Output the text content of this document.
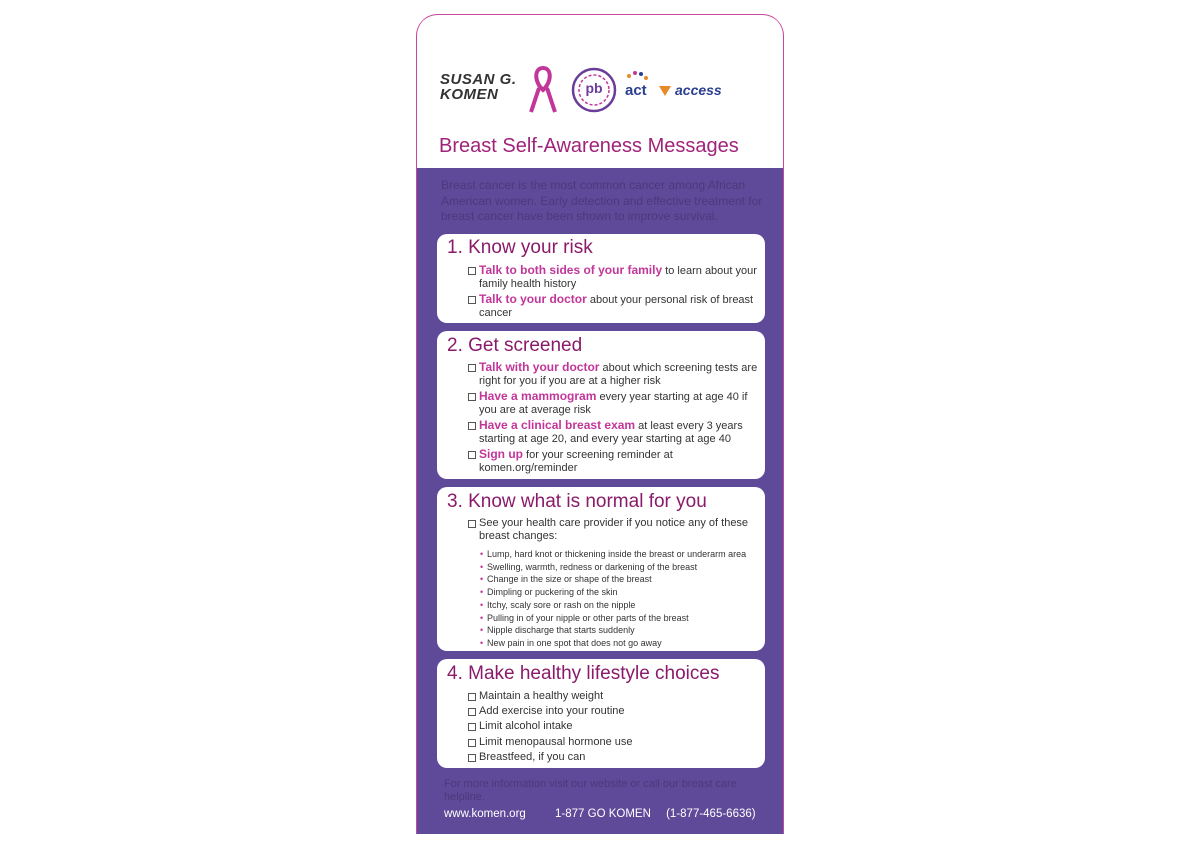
SUSAN G.
KOMEN	pb act	access
Breast Self-Awareness Messages
Breast cancer is the most common cancer among African American women. Early detection and effective treatment for breast cancer have been shown to improve survival.
1. Know your risk
Talk to both sides of your family to learn about your family health history
Talk to your doctor about your personal risk of breast cancer
2. Get screened
Talk with your doctor about which screening tests are right for you if you are at a higher risk
Have a mammogram every year starting at age 40 if you are at average risk
Have a clinical breast exam at least every 3 years starting at age 20, and every year starting at age 40
Sign up for your screening reminder at komen.org/reminder
3. Know what is normal for you
See your health care provider if you notice any of these breast changes:
• Lump, hard knot or thickening inside the breast or underarm area
• Swelling, warmth, redness or darkening of the breast
• Change in the size or shape of the breast
• Dimpling or puckering of the skin
• Itchy, scaly sore or rash on the nipple
• Pulling in of your nipple or other parts of the breast
• Nipple discharge that starts suddenly
• New pain in one spot that does not go away
4. Make healthy lifestyle choices
Maintain a healthy weight
Add exercise into your routine
Limit alcohol intake
Limit menopausal hormone use
Breastfeed, if you can
For more information visit our website or call our breast care helpline.
www.komen.org	1-877 GO KOMEN (1-877-465-6636)
